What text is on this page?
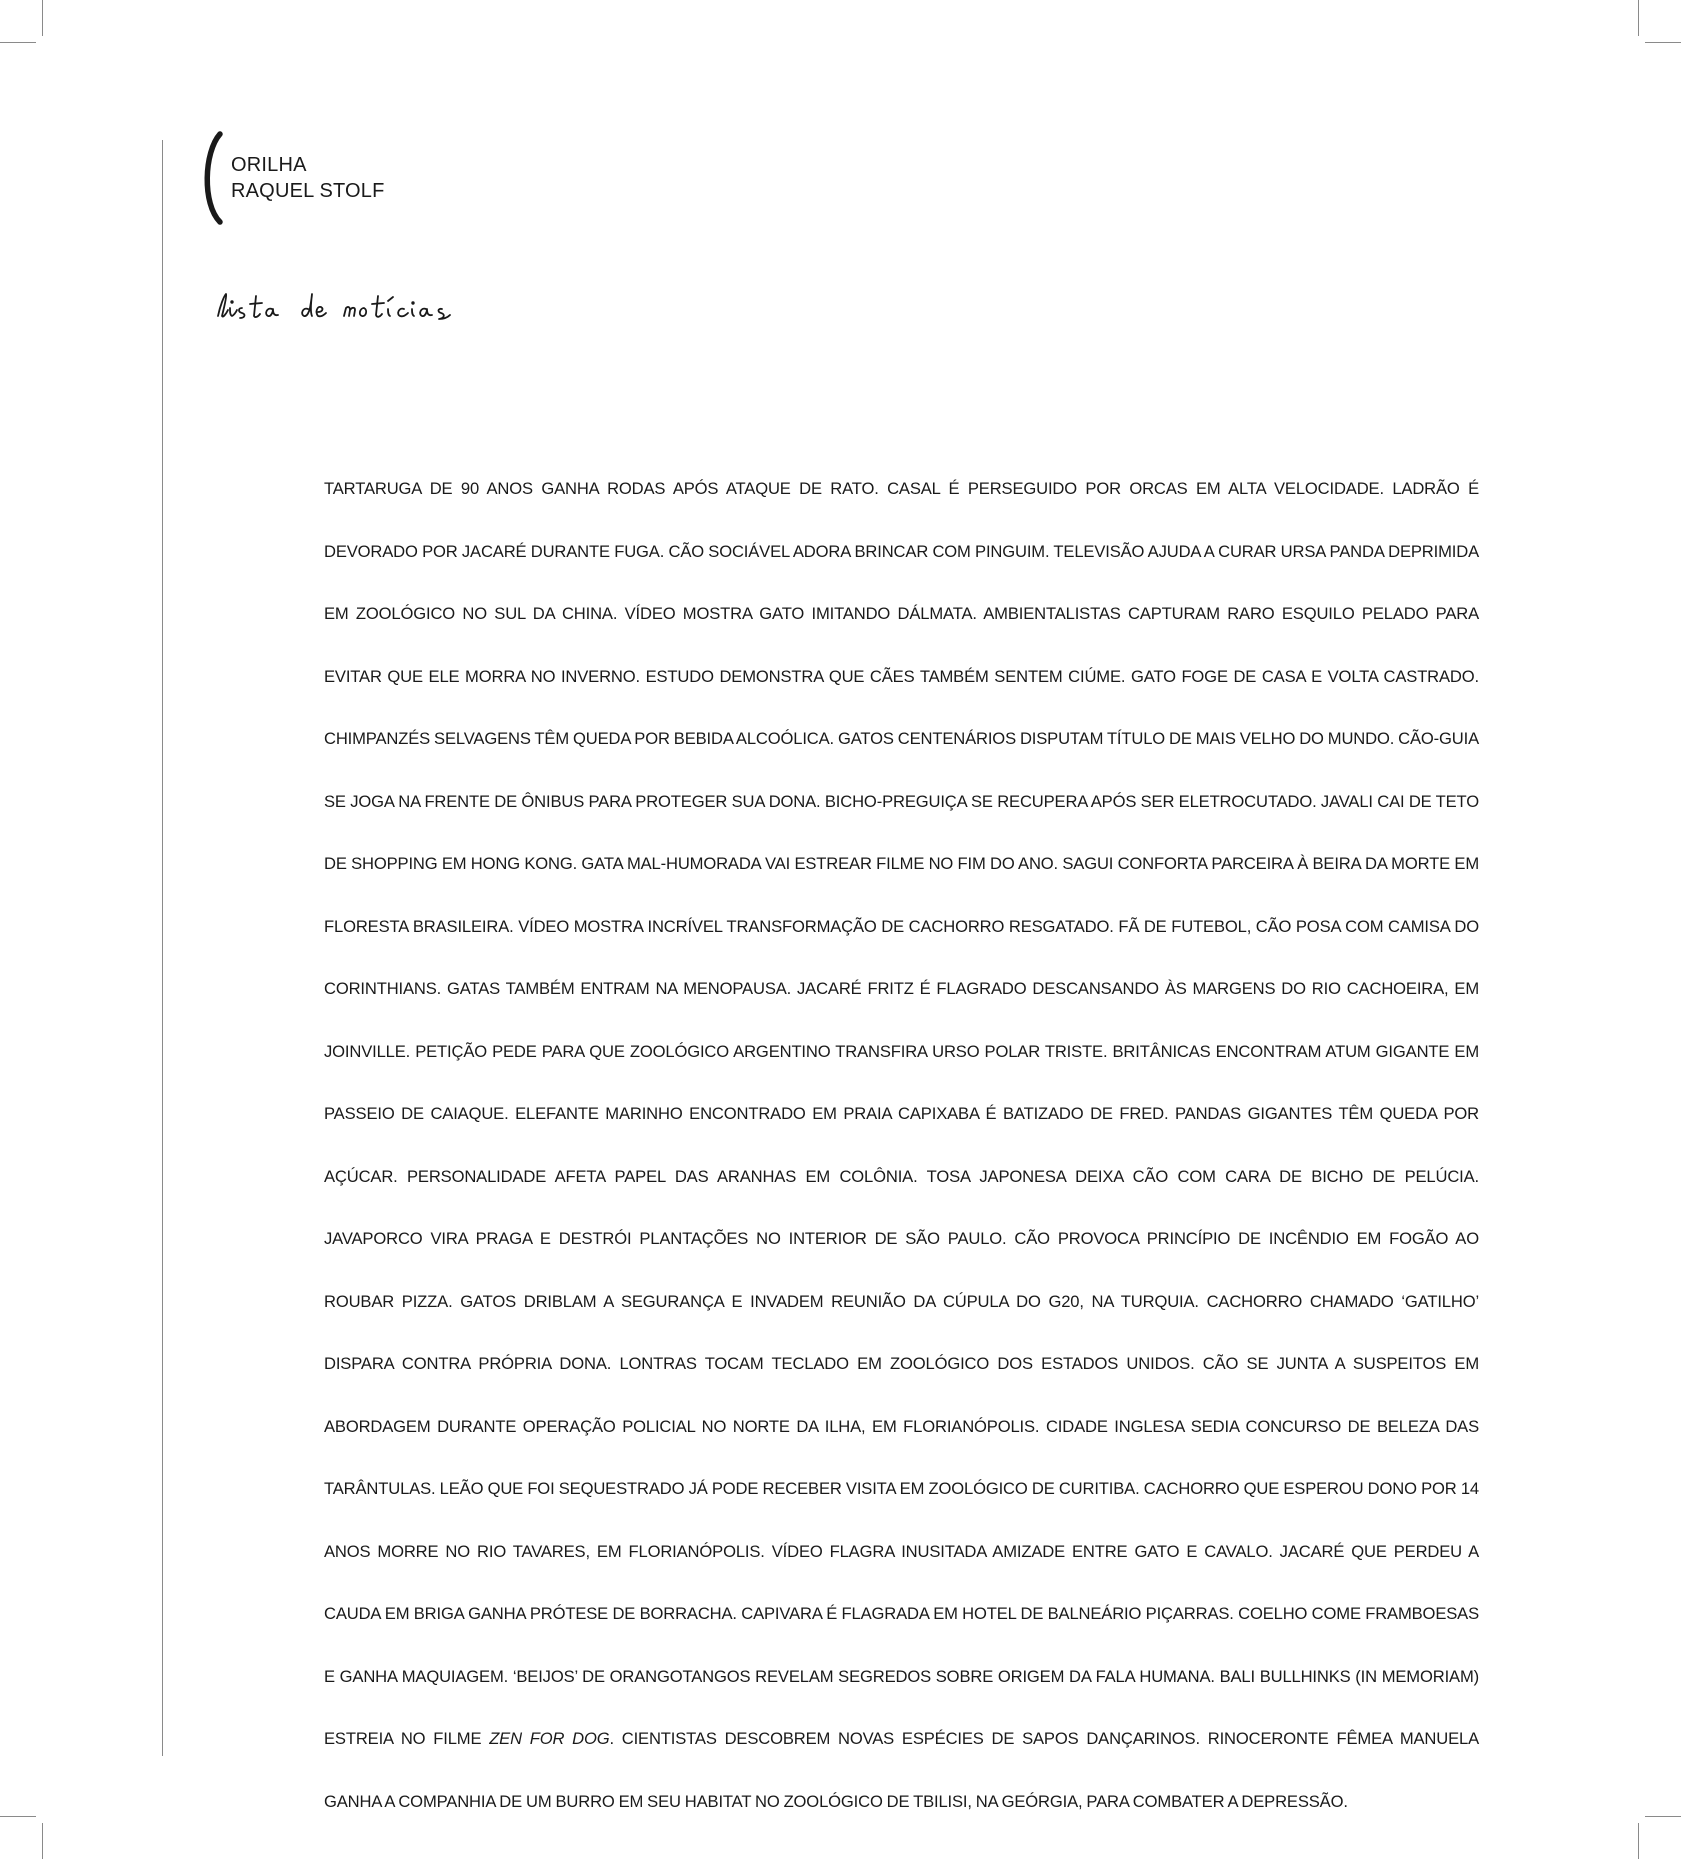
ORILHA
RAQUEL STOLF

TARTARUGA DE 90 ANOS GANHA RODAS APÓS ATAQUE DE RATO. CASAL É PERSEGUIDO POR ORCAS EM ALTA VELOCIDADE. LADRÃO É DEVORADO POR JACARÉ DURANTE FUGA. CÃO SOCIÁVEL ADORA BRINCAR COM PINGUIM. TELEVISÃO AJUDA A CURAR URSA PANDA DEPRIMIDA EM ZOOLÓGICO NO SUL DA CHINA. VÍDEO MOSTRA GATO IMITANDO DÁLMATA. AMBIENTALISTAS CAPTURAM RARO ESQUILO PELADO PARA EVITAR QUE ELE MORRA NO INVERNO. ESTUDO DEMONSTRA QUE CÃES TAMBÉM SENTEM CIÚME. GATO FOGE DE CASA E VOLTA CASTRADO. CHIMPANZÉS SELVAGENS TÊM QUEDA POR BEBIDA ALCOÓLICA. GATOS CENTENÁRIOS DISPUTAM TÍTULO DE MAIS VELHO DO MUNDO. CÃO-GUIA SE JOGA NA FRENTE DE ÔNIBUS PARA PROTEGER SUA DONA. BICHO-PREGUIÇA SE RECUPERA APÓS SER ELETROCUTADO. JAVALI CAI DE TETO DE SHOPPING EM HONG KONG. GATA MAL-HUMORADA VAI ESTREAR FILME NO FIM DO ANO. SAGUI CONFORTA PARCEIRA À BEIRA DA MORTE EM FLORESTA BRASILEIRA. VÍDEO MOSTRA INCRÍVEL TRANSFORMAÇÃO DE CACHORRO RESGATADO. FÃ DE FUTEBOL, CÃO POSA COM CAMISA DO CORINTHIANS. GATAS TAMBÉM ENTRAM NA MENOPAUSA. JACARÉ FRITZ É FLAGRADO DESCANSANDO ÀS MARGENS DO RIO CACHOEIRA, EM JOINVILLE. PETIÇÃO PEDE PARA QUE ZOOLÓGICO ARGENTINO TRANSFIRA URSO POLAR TRISTE. BRITÂNICAS ENCONTRAM ATUM GIGANTE EM PASSEIO DE CAIAQUE. ELEFANTE MARINHO ENCONTRADO EM PRAIA CAPIXABA É BATIZADO DE FRED. PANDAS GIGANTES TÊM QUEDA POR AÇÚCAR. PERSONALIDADE AFETA PAPEL DAS ARANHAS EM COLÔNIA. TOSA JAPONESA DEIXA CÃO COM CARA DE BICHO DE PELÚCIA. JAVAPORCO VIRA PRAGA E DESTRÓI PLANTAÇÕES NO INTERIOR DE SÃO PAULO. CÃO PROVOCA PRINCÍPIO DE INCÊNDIO EM FOGÃO AO ROUBAR PIZZA. GATOS DRIBLAM A SEGURANÇA E INVADEM REUNIÃO DA CÚPULA DO G20, NA TURQUIA. CACHORRO CHAMADO ‘GATILHO’ DISPARA CONTRA PRÓPRIA DONA. LONTRAS TOCAM TECLADO EM ZOOLÓGICO DOS ESTADOS UNIDOS. CÃO SE JUNTA A SUSPEITOS EM ABORDAGEM DURANTE OPERAÇÃO POLICIAL NO NORTE DA ILHA, EM FLORIANÓPOLIS. CIDADE INGLESA SEDIA CONCURSO DE BELEZA DAS TARÂNTULAS. LEÃO QUE FOI SEQUESTRADO JÁ PODE RECEBER VISITA EM ZOOLÓGICO DE CURITIBA. CACHORRO QUE ESPEROU DONO POR 14 ANOS MORRE NO RIO TAVARES, EM FLORIANÓPOLIS. VÍDEO FLAGRA INUSITADA AMIZADE ENTRE GATO E CAVALO. JACARÉ QUE PERDEU A CAUDA EM BRIGA GANHA PRÓTESE DE BORRACHA. CAPIVARA É FLAGRADA EM HOTEL DE BALNEÁRIO PIÇARRAS. COELHO COME FRAMBOESAS E GANHA MAQUIAGEM. ‘BEIJOS’ DE ORANGOTANGOS REVELAM SEGREDOS SOBRE ORIGEM DA FALA HUMANA. BALI BULLHINKS (IN MEMORIAM) ESTREIA NO FILME ZEN FOR DOG. CIENTISTAS DESCOBREM NOVAS ESPÉCIES DE SAPOS DANÇARINOS. RINOCERONTE FÊMEA MANUELA GANHA A COMPANHIA DE UM BURRO EM SEU HABITAT NO ZOOLÓGICO DE TBILISI, NA GEÓRGIA, PARA COMBATER A DEPRESSÃO.
